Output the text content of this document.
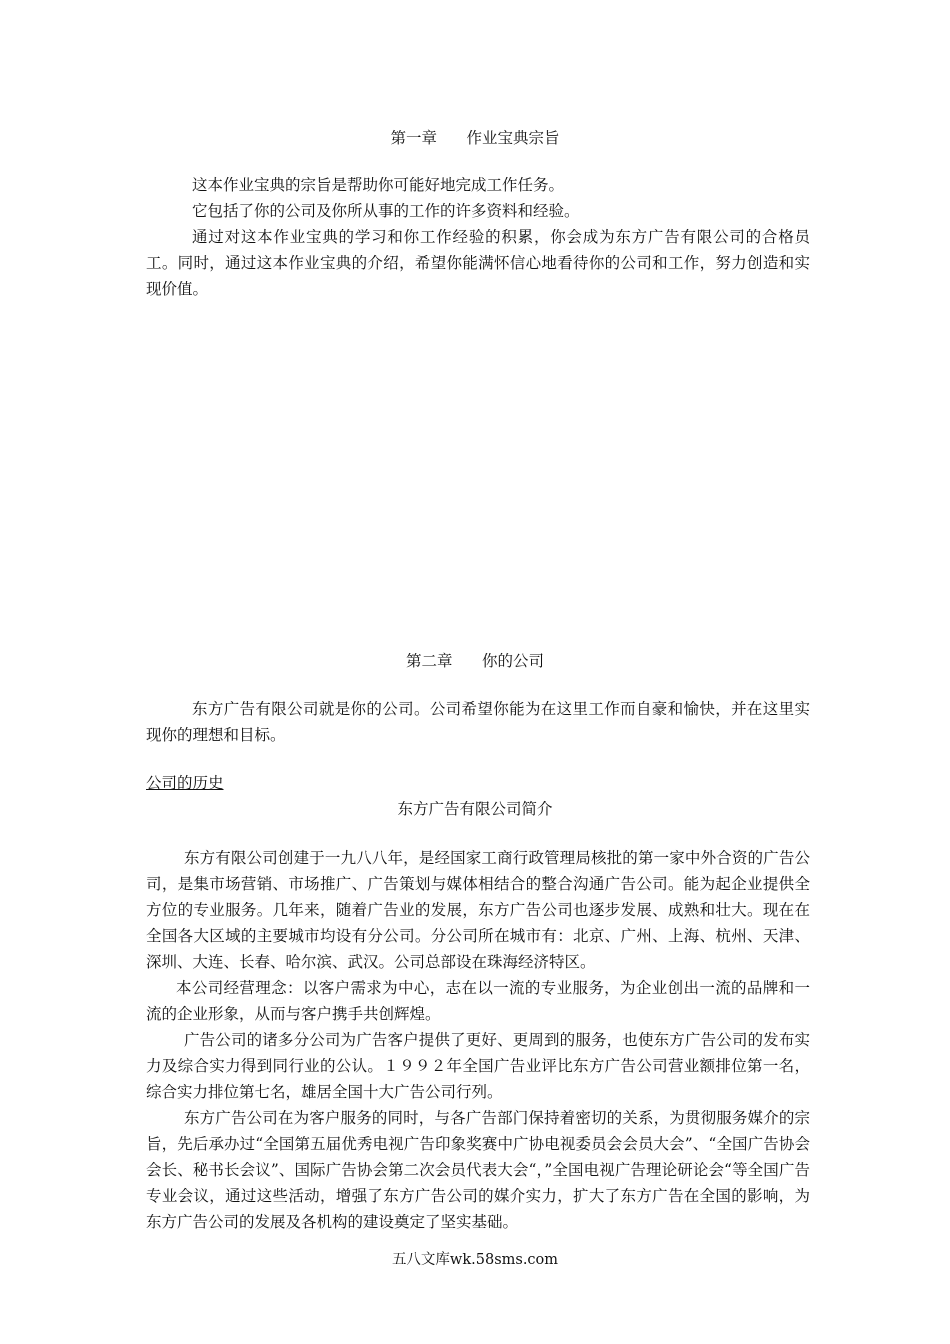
第一章      作业宝典宗旨

这本作业宝典的宗旨是帮助你可能好地完成工作任务。

它包括了你的公司及你所从事的工作的许多资料和经验。

通过对这本作业宝典的学习和你工作经验的积累，你会成为东方广告有限公司的合格员工。同时，通过这本作业宝典的介绍，希望你能满怀信心地看待你的公司和工作，努力创造和实现价值。

第二章      你的公司

东方广告有限公司就是你的公司。公司希望你能为在这里工作而自豪和愉快，并在这里实现你的理想和目标。

公司的历史
东方广告有限公司简介

东方有限公司创建于一九八八年，是经国家工商行政管理局核批的第一家中外合资的广告公司，是集市场营销、市场推广、广告策划与媒体相结合的整合沟通广告公司。能为起企业提供全方位的专业服务。几年来，随着广告业的发展，东方广告公司也逐步发展、成熟和壮大。现在在全国各大区域的主要城市均设有分公司。分公司所在城市有：北京、广州、上海、杭州、天津、深圳、大连、长春、哈尔滨、武汉。公司总部设在珠海经济特区。

本公司经营理念：以客户需求为中心，志在以一流的专业服务，为企业创出一流的品牌和一流的企业形象，从而与客户携手共创辉煌。

广告公司的诸多分公司为广告客户提供了更好、更周到的服务，也使东方广告公司的发布实力及综合实力得到同行业的公认。１９９２年全国广告业评比东方广告公司营业额排位第一名，综合实力排位第七名，雄居全国十大广告公司行列。

东方广告公司在为客户服务的同时，与各广告部门保持着密切的关系，为贯彻服务媒介的宗旨，先后承办过“全国第五届优秀电视广告印象奖赛中广协电视委员会会员大会”、“全国广告协会会长、秘书长会议”、国际广告协会第二次会员代表大会“，”全国电视广告理论研论会“等全国广告专业会议，通过这些活动，增强了东方广告公司的媒介实力，扩大了东方广告在全国的影响，为东方广告公司的发展及各机构的建设奠定了坚实基础。

五八文库wk.58sms.com
